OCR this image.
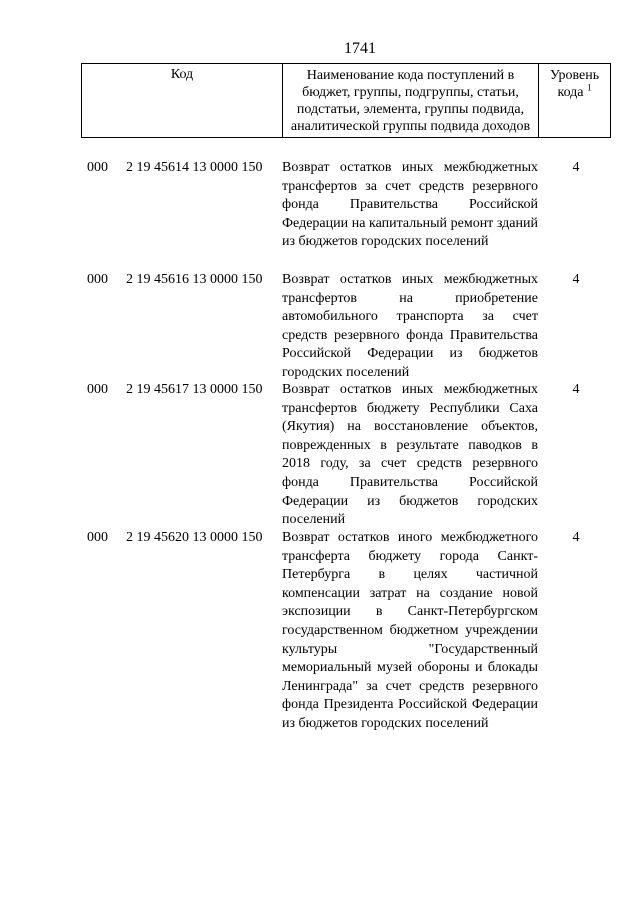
1741
Код	Наименование кода поступлений в
бюджет, группы, подгруппы, статьи,
подстатьи, элемента, группы подвида,
аналитической группы подвида доходов
Уровень
кода $^1$
000 2 19 45614 13 0000 150 Возврат остатков иных межбюджетных трансфертов за счет средств резервного фонда Правительства Российской Федерации на капитальный ремонт зданий из бюджетов городских поселений
4
000 2 19 45616 13 0000 150 Возврат остатков иных межбюджетных трансфертов на приобретение автомобильного транспорта за счет средств резервного фонда Правительства Российской Федерации из бюджетов городских поселений
4
000 2 19 45617 13 0000 150 Возврат остатков иных межбюджетных трансфертов бюджету Республики Саха (Якутия) на восстановление объектов, поврежденных в результате паводков в 2018 году, за счет средств резервного фонда Правительства Российской Федерации из бюджетов городских поселений
4
000 2 19 45620 13 0000 150 Возврат остатков иного межбюджетного трансферта бюджету города Санкт-Петербурга в целях частичной компенсации затрат на создание новой экспозиции в Санкт-Петербургском государственном бюджетном учреждении культуры "Государственный мемориальный музей обороны и блокады Ленинграда" за счет средств резервного фонда Президента Российской Федерации из бюджетов городских поселений
4
